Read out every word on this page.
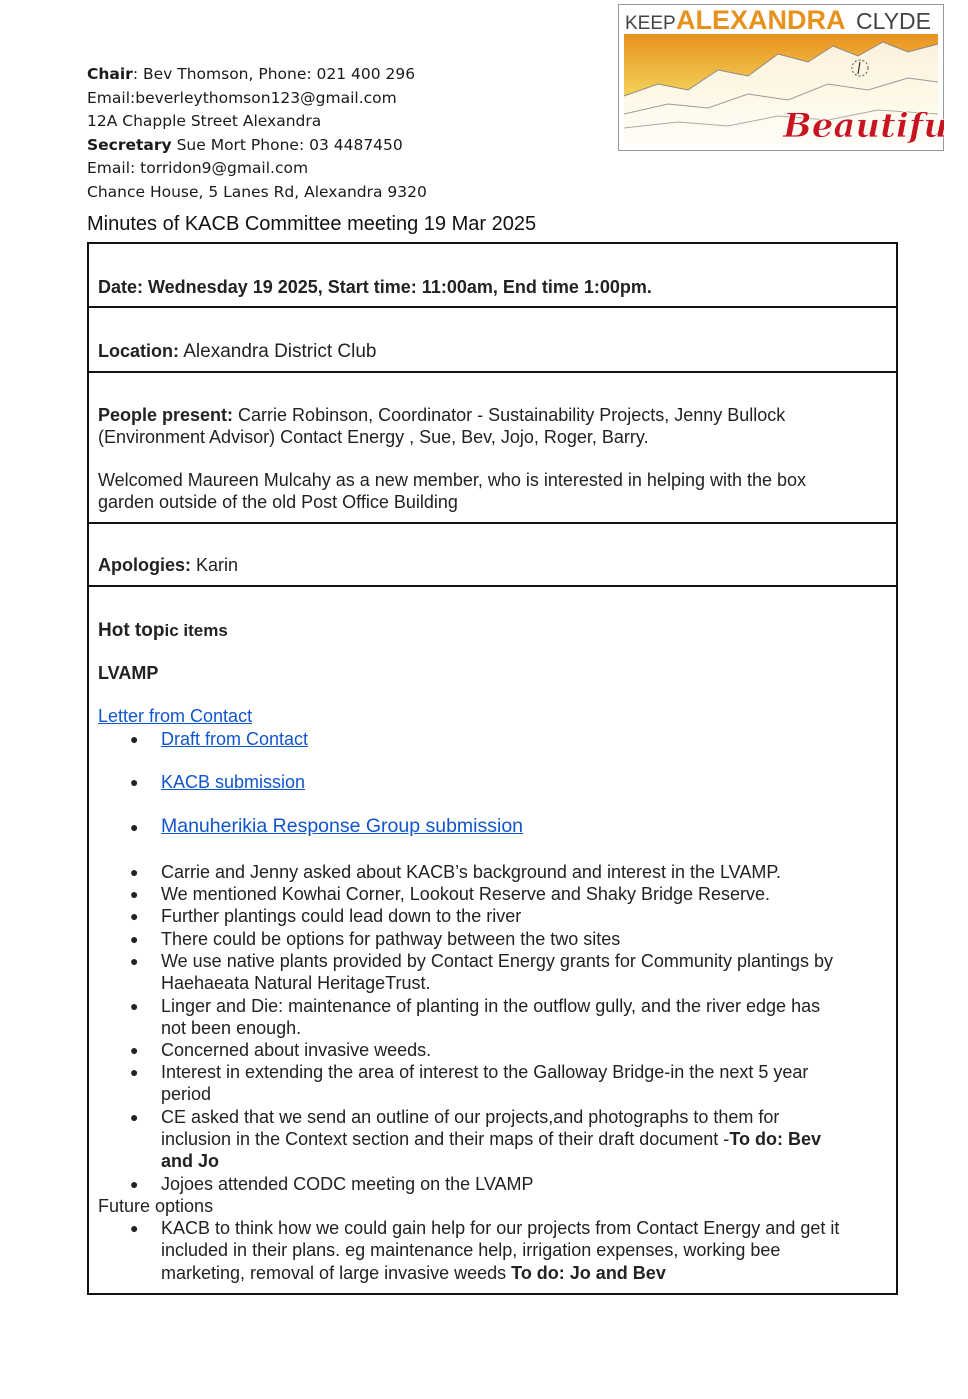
Chair: Bev Thomson, Phone: 021 400 296
Email:beverleythomson123@gmail.com
12A Chapple Street Alexandra
Secretary Sue Mort Phone: 03 4487450
Email: torridon9@gmail.com
Chance House, 5 Lanes Rd, Alexandra 9320
KEEP ALEXANDRA CLYDE
Beautiful
Minutes of KACB Committee meeting 19 Mar 2025
Date: Wednesday 19 2025, Start time: 11:00am, End time 1:00pm.
Location: Alexandra District Club
People present: Carrie Robinson, Coordinator - Sustainability Projects, Jenny Bullock
(Environment Advisor) Contact Energy , Sue, Bev, Jojo, Roger, Barry.
Welcomed Maureen Mulcahy as a new member, who is interested in helping with the box
garden outside of the old Post Office Building
Apologies: Karin
Hot topic items
LVAMP
Letter from Contact
● Draft from Contact
● KACB submission
● Manuherikia Response Group submission
● Carrie and Jenny asked about KACB’s background and interest in the LVAMP.
● We mentioned Kowhai Corner, Lookout Reserve and Shaky Bridge Reserve.
● Further plantings could lead down to the river
● There could be options for pathway between the two sites
● We use native plants provided by Contact Energy grants for Community plantings by
Haehaeata Natural HeritageTrust.
● Linger and Die: maintenance of planting in the outflow gully, and the river edge has
not been enough.
● Concerned about invasive weeds.
● Interest in extending the area of interest to the Galloway Bridge-in the next 5 year
period
● CE asked that we send an outline of our projects,and photographs to them for
inclusion in the Context section and their maps of their draft document -To do: Bev
and Jo
● Jojoes attended CODC meeting on the LVAMP
Future options
● KACB to think how we could gain help for our projects from Contact Energy and get it
included in their plans. eg maintenance help, irrigation expenses, working bee
marketing, removal of large invasive weeds To do: Jo and Bev
